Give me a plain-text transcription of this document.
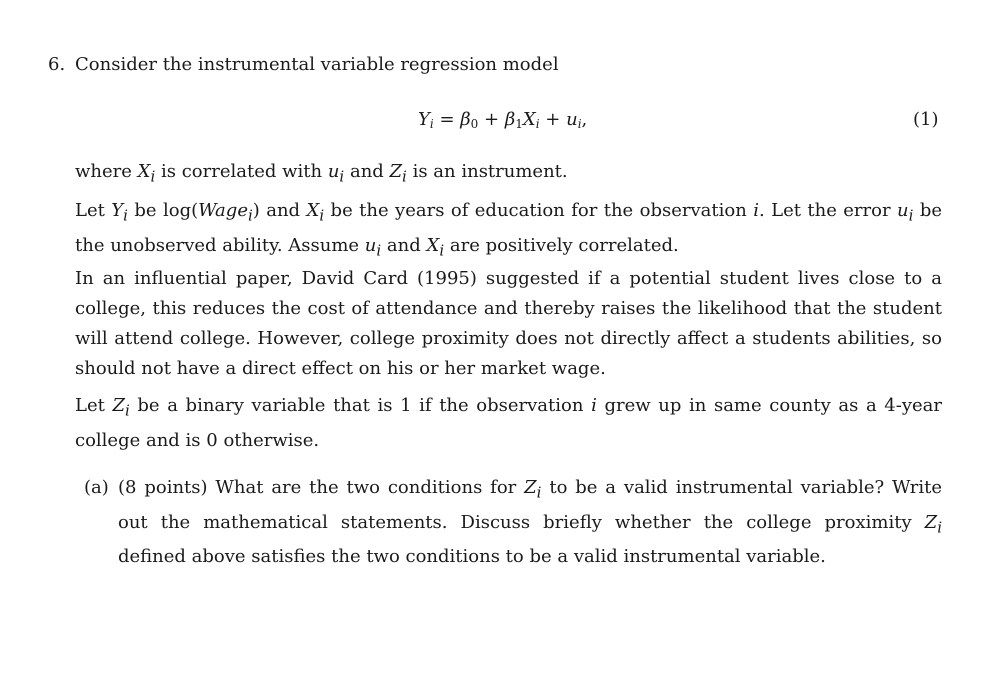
6. Consider the instrumental variable regression model
$Y_i = \beta_0 + \beta_1X_i + u_i$,	(1)
where $X_i$ is correlated with $u_i$ and $Z_i$ is an instrument.
Let $Y_i$ be log(Wage$_i$) and $X_i$ be the years of education for the observation i. Let the error $u_i$ be the unobserved ability. Assume $u_i$ and $X_i$ are positively correlated.
In an influential paper, David Card (1995) suggested if a potential student lives close to a college, this reduces the cost of attendance and thereby raises the likelihood that the student will attend college. However, college proximity does not directly affect a students abilities, so should not have a direct effect on his or her market wage.
Let $Z_i$ be a binary variable that is 1 if the observation i grew up in same county as a 4-year college and is 0 otherwise.
(a) (8 points) What are the two conditions for $Z_i$ to be a valid instrumental variable? Write out the mathematical statements. Discuss briefly whether the college proximity $Z_i$ defined above satisfies the two conditions to be a valid instrumental variable.
